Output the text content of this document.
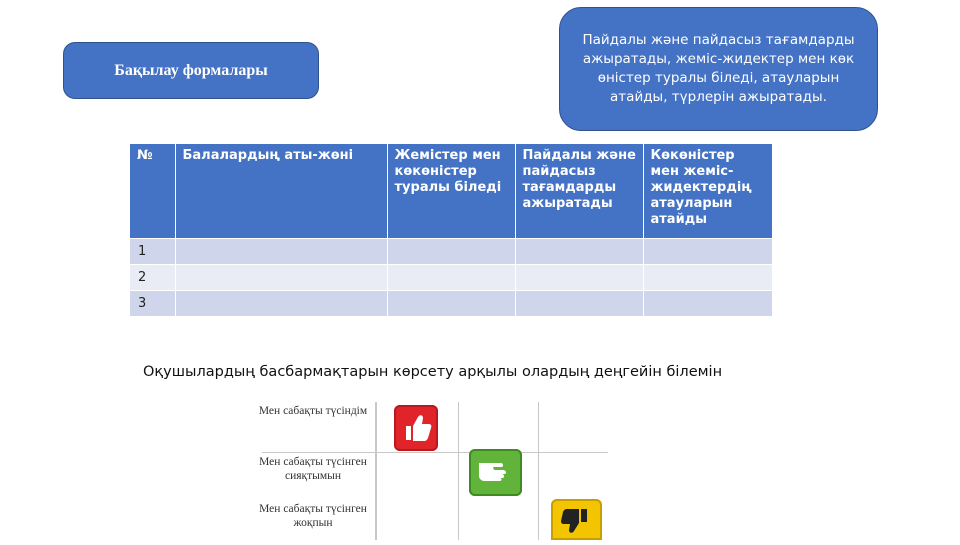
Бақылау формалары
Пайдалы және пайдасыз тағамдарды ажыратады, жеміс-жидектер мен көк өністер туралы біледі, атауларын атайды, түрлерін ажыратады.
№	Балалардың аты-жөні	Жемістер мен көкөністер туралы біледі	Пайдалы және пайдасыз тағамдарды ажыратады	Көкөністер мен жеміс-жидектердің атауларын атайды
1				
2				
3				
Оқушылардың басбармақтарын көрсету арқылы олардың деңгейін білемін
Мен сабақты түсіндім
Мен сабақты түсінген сияқтымын
Мен сабақты түсінген жоқпын
